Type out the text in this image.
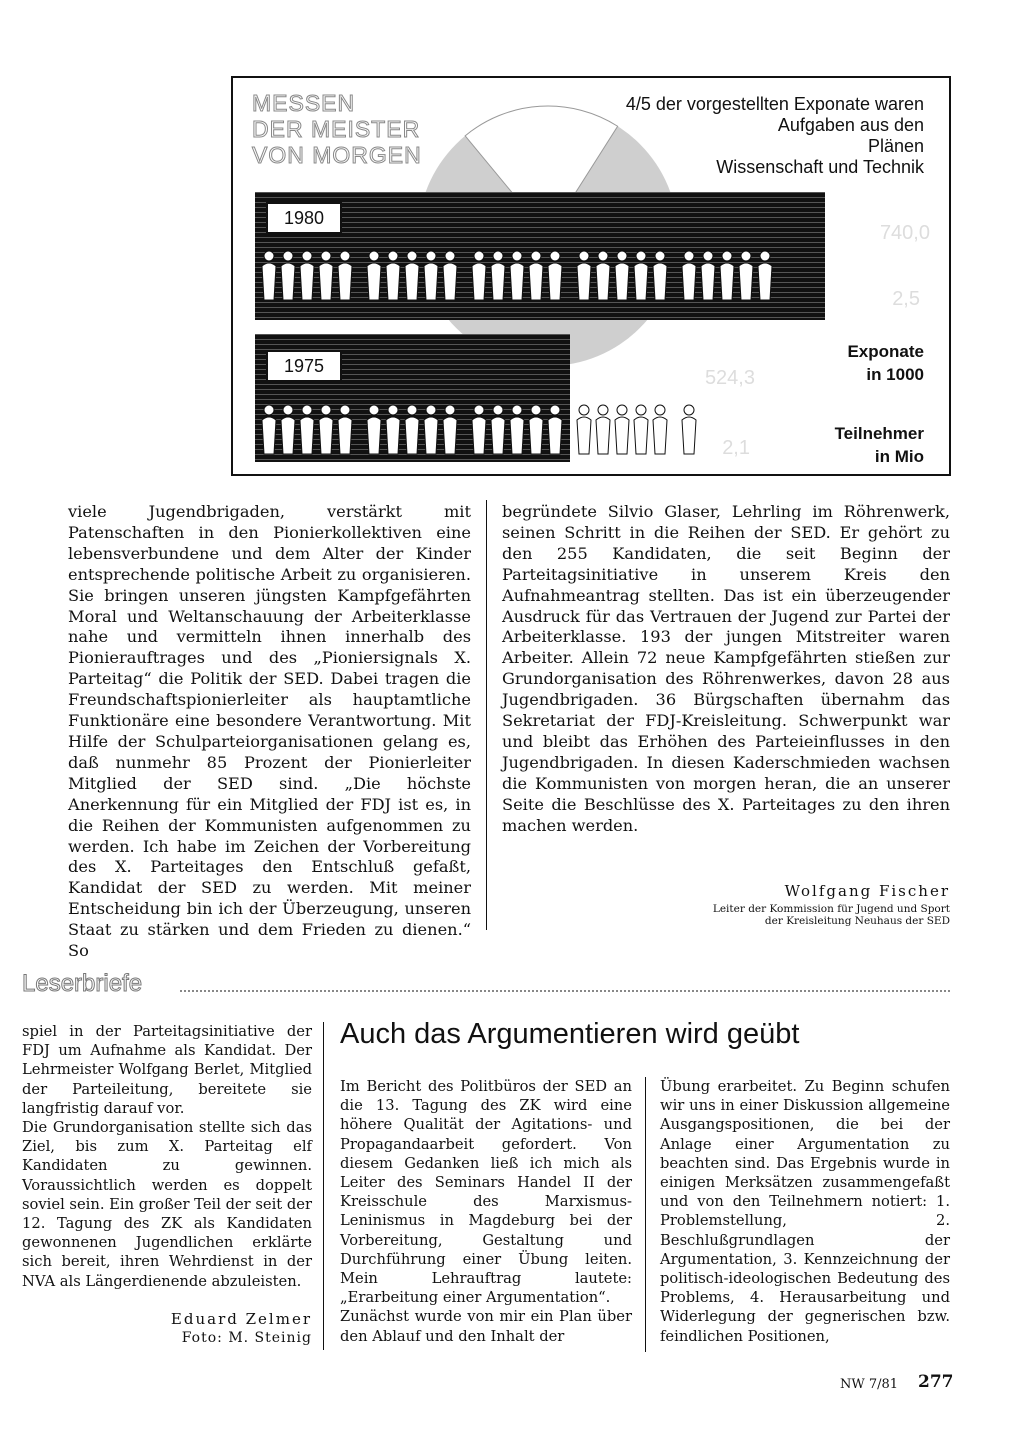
MESSEN
DER MEISTER
VON MORGEN
4/5 der vorgestellten Exponate waren
Aufgaben aus den
Plänen
Wissenschaft und Technik
1980
740,0
2,5
1975
524,3
2,1
Exponate
in 1000
Teilnehmer
in Mio

viele Jugendbrigaden, verstärkt mit Patenschaften in den Pionierkollektiven eine lebensverbundene und dem Alter der Kinder entsprechende politische Arbeit zu organisieren. Sie bringen unseren jüngsten Kampfgefährten Moral und Weltanschauung der Arbeiterklasse nahe und vermitteln ihnen innerhalb des Pionierauftrages und des „Pioniersignals X. Parteitag“ die Politik der SED. Dabei tragen die Freundschaftspionierleiter als hauptamtliche Funktionäre eine besondere Verantwortung. Mit Hilfe der Schulparteiorganisationen gelang es, daß nunmehr 85 Prozent der Pionierleiter Mitglied der SED sind. „Die höchste Anerkennung für ein Mitglied der FDJ ist es, in die Reihen der Kommunisten aufgenommen zu werden. Ich habe im Zeichen der Vorbereitung des X. Parteitages den Entschluß gefaßt, Kandidat der SED zu werden. Mit meiner Entscheidung bin ich der Überzeugung, unseren Staat zu stärken und dem Frieden zu dienen.“ So

begründete Silvio Glaser, Lehrling im Röhrenwerk, seinen Schritt in die Reihen der SED. Er gehört zu den 255 Kandidaten, die seit Beginn der Parteitagsinitiative in unserem Kreis den Aufnahmeantrag stellten. Das ist ein überzeugender Ausdruck für das Vertrauen der Jugend zur Partei der Arbeiterklasse. 193 der jungen Mitstreiter waren Arbeiter. Allein 72 neue Kampfgefährten stießen zur Grundorganisation des Röhrenwerkes, davon 28 aus Jugendbrigaden. 36 Bürgschaften übernahm das Sekretariat der FDJ-Kreisleitung. Schwerpunkt war und bleibt das Erhöhen des Parteieinflusses in den Jugendbrigaden. In diesen Kaderschmieden wachsen die Kommunisten von morgen heran, die an unserer Seite die Beschlüsse des X. Parteitages zu den ihren machen werden.

Wolfgang Fischer
Leiter der Kommission für Jugend und Sport
der Kreisleitung Neuhaus der SED
Leserbriefe

spiel in der Parteitagsinitiative der FDJ um Aufnahme als Kandidat. Der Lehrmeister Wolfgang Berlet, Mitglied der Parteileitung, bereitete sie langfristig darauf vor.

Die Grundorganisation stellte sich das Ziel, bis zum X. Parteitag elf Kandidaten zu gewinnen. Voraussichtlich werden es doppelt soviel sein. Ein großer Teil der seit der 12. Tagung des ZK als Kandidaten gewonnenen Jugendlichen erklärte sich bereit, ihren Wehrdienst in der NVA als Längerdienende abzuleisten.

Eduard Zelmer
Foto: M. Steinig
Auch das Argumentieren wird geübt

Im Bericht des Politbüros der SED an die 13. Tagung des ZK wird eine höhere Qualität der Agitations- und Propagandaarbeit gefordert. Von diesem Gedanken ließ ich mich als Leiter des Seminars Handel II der Kreisschule des Marxismus-Leninismus in Magdeburg bei der Vorbereitung, Gestaltung und Durchführung einer Übung leiten. Mein Lehrauftrag lautete: „Erarbeitung einer Argumentation“.

Zunächst wurde von mir ein Plan über den Ablauf und den Inhalt der

Übung erarbeitet. Zu Beginn schufen wir uns in einer Diskussion allgemeine Ausgangspositionen, die bei der Anlage einer Argumentation zu beachten sind. Das Ergebnis wurde in einigen Merksätzen zusammengefaßt und von den Teilnehmern notiert: 1. Problemstellung, 2. Beschlußgrundlagen der Argumentation, 3. Kennzeichnung der politisch-ideologischen Bedeutung des Problems, 4. Herausarbeitung und Widerlegung der gegnerischen bzw. feindlichen Positionen,

NW 7/81 277
